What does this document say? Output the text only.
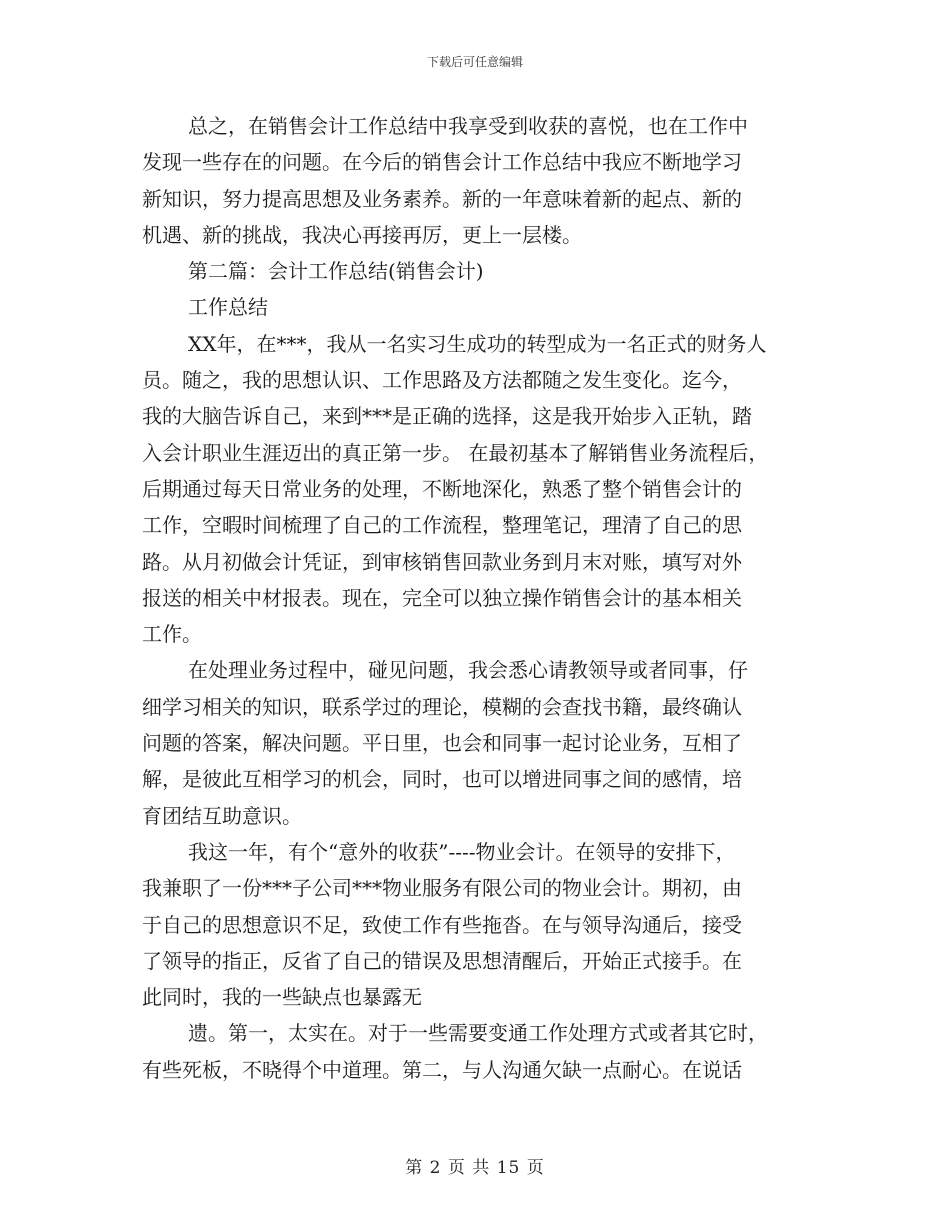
下载后可任意编辑
总之，在销售会计工作总结中我享受到收获的喜悦，也在工作中
发现一些存在的问题。在今后的销售会计工作总结中我应不断地学习
新知识，努力提高思想及业务素养。新的一年意味着新的起点、新的
机遇、新的挑战，我决心再接再厉，更上一层楼。
第二篇：会计工作总结(销售会计)
工作总结
XX年，在***，我从一名实习生成功的转型成为一名正式的财务人
员。随之，我的思想认识、工作思路及方法都随之发生变化。迄今，
我的大脑告诉自己，来到***是正确的选择，这是我开始步入正轨，踏
入会计职业生涯迈出的真正第一步。 在最初基本了解销售业务流程后，
后期通过每天日常业务的处理，不断地深化，熟悉了整个销售会计的
工作，空暇时间梳理了自己的工作流程，整理笔记，理清了自己的思
路。从月初做会计凭证，到审核销售回款业务到月末对账，填写对外
报送的相关中材报表。现在，完全可以独立操作销售会计的基本相关
工作。
在处理业务过程中，碰见问题，我会悉心请教领导或者同事，仔
细学习相关的知识，联系学过的理论，模糊的会查找书籍，最终确认
问题的答案，解决问题。平日里，也会和同事一起讨论业务，互相了
解，是彼此互相学习的机会，同时，也可以增进同事之间的感情，培
育团结互助意识。
我这一年，有个“意外的收获”----物业会计。在领导的安排下，
我兼职了一份***子公司***物业服务有限公司的物业会计。期初，由
于自己的思想意识不足，致使工作有些拖沓。在与领导沟通后，接受
了领导的指正，反省了自己的错误及思想清醒后，开始正式接手。在
此同时，我的一些缺点也暴露无
遗。第一，太实在。对于一些需要变通工作处理方式或者其它时，
有些死板，不晓得个中道理。第二，与人沟通欠缺一点耐心。在说话
第 2 页 共 15 页
